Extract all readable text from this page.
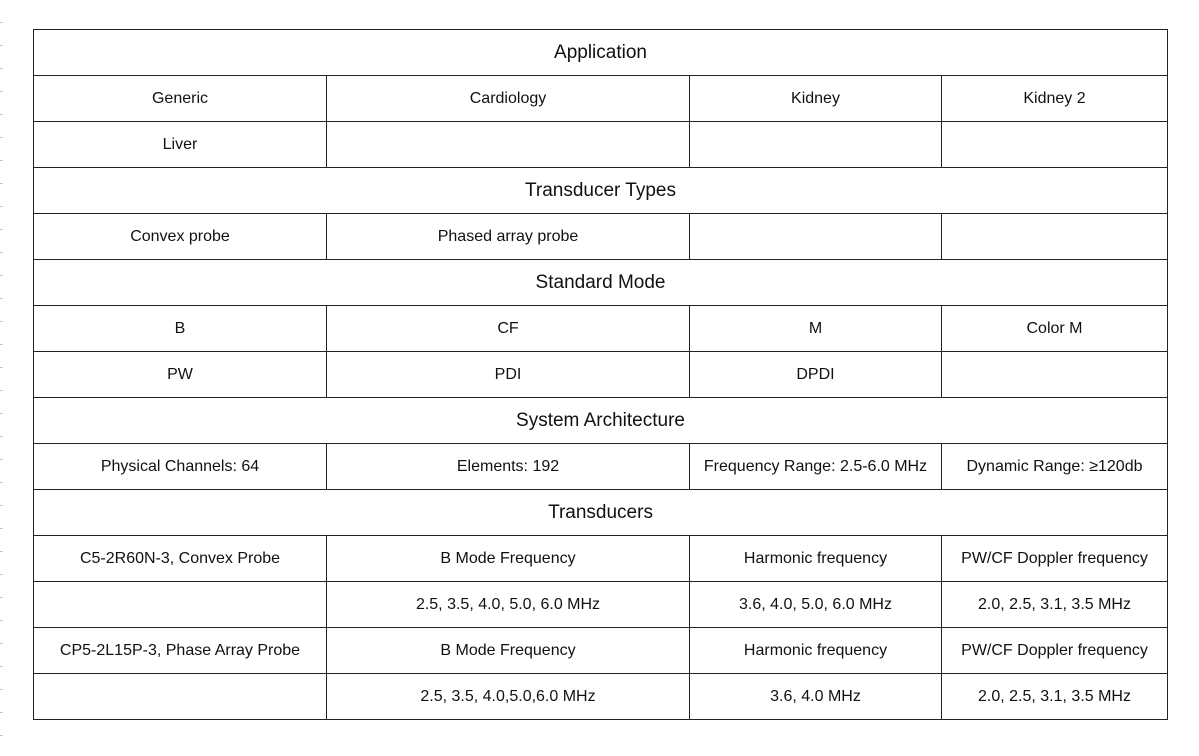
Application			
Generic	Cardiology	Kidney	Kidney 2
Liver			
Transducer Types			
Convex probe	Phased array probe		
Standard Mode			
B	CF	M	Color M
PW	PDI	DPDI	
System Architecture			
Physical Channels: 64	Elements: 192	Frequency Range: 2.5-6.0 MHz	Dynamic Range: ≥120db
Transducers			
C5-2R60N-3, Convex Probe	B Mode Frequency	Harmonic frequency	PW/CF Doppler frequency
	2.5, 3.5, 4.0, 5.0, 6.0 MHz	3.6, 4.0, 5.0, 6.0 MHz	2.0, 2.5, 3.1, 3.5 MHz
CP5-2L15P-3, Phase Array Probe	B Mode Frequency	Harmonic frequency	PW/CF Doppler frequency
	2.5, 3.5, 4.0,5.0,6.0 MHz	3.6, 4.0 MHz	2.0, 2.5, 3.1, 3.5 MHz
